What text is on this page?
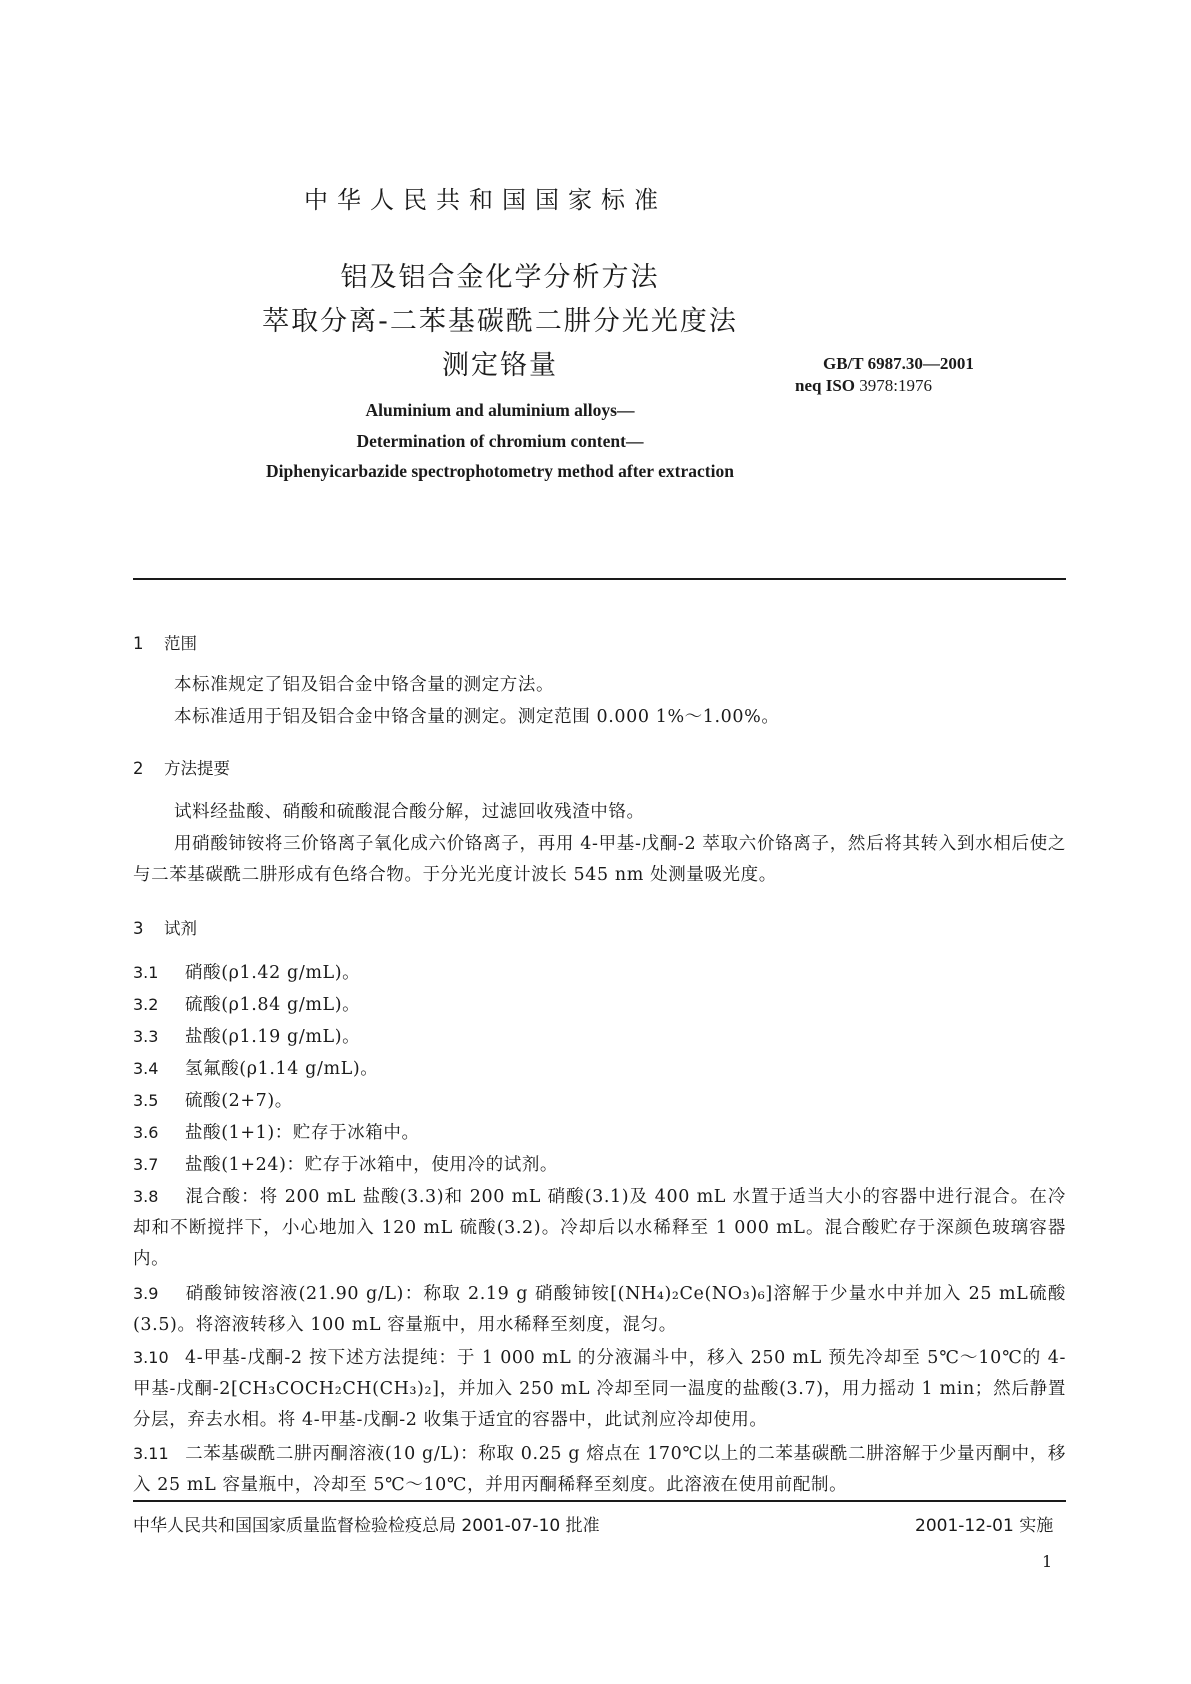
中华人民共和国国家标准
铝及铝合金化学分析方法
萃取分离-二苯基碳酰二肼分光光度法
测定铬量	GB/T 6987.30—2001
neq ISO 3978:1976
Aluminium and aluminium alloys—
Determination of chromium content—
Diphenyicarbazide spectrophotometry method after extraction
1 范围
本标准规定了铝及铝合金中铬含量的测定方法。
本标准适用于铝及铝合金中铬含量的测定。测定范围 0.000 1%～1.00%。
2 方法提要
试料经盐酸、硝酸和硫酸混合酸分解，过滤回收残渣中铬。
用硝酸铈铵将三价铬离子氧化成六价铬离子，再用 4-甲基-戊酮-2 萃取六价铬离子，然后将其转入到水相后使之与二苯基碳酰二肼形成有色络合物。于分光光度计波长 545 nm 处测量吸光度。
3 试剂
3.1 硝酸(ρ1.42 g/mL)。
3.2 硫酸(ρ1.84 g/mL)。
3.3 盐酸(ρ1.19 g/mL)。
3.4 氢氟酸(ρ1.14 g/mL)。
3.5 硫酸(2+7)。
3.6 盐酸(1+1)：贮存于冰箱中。
3.7 盐酸(1+24)：贮存于冰箱中，使用冷的试剂。
3.8 混合酸：将 200 mL 盐酸(3.3)和 200 mL 硝酸(3.1)及 400 mL 水置于适当大小的容器中进行混合。在冷却和不断搅拌下，小心地加入 120 mL 硫酸(3.2)。冷却后以水稀释至 1 000 mL。混合酸贮存于深颜色玻璃容器内。
3.9 硝酸铈铵溶液(21.90 g/L)：称取 2.19 g 硝酸铈铵[(NH₄)₂Ce(NO₃)₆]溶解于少量水中并加入 25 mL硫酸(3.5)。将溶液转移入 100 mL 容量瓶中，用水稀释至刻度，混匀。
3.10 4-甲基-戊酮-2 按下述方法提纯：于 1 000 mL 的分液漏斗中，移入 250 mL 预先冷却至 5℃～10℃的 4-甲基-戊酮-2[CH₃COCH₂CH(CH₃)₂]，并加入 250 mL 冷却至同一温度的盐酸(3.7)，用力摇动 1 min；然后静置分层，弃去水相。将 4-甲基-戊酮-2 收集于适宜的容器中，此试剂应冷却使用。
3.11 二苯基碳酰二肼丙酮溶液(10 g/L)：称取 0.25 g 熔点在 170℃以上的二苯基碳酰二肼溶解于少量丙酮中，移入 25 mL 容量瓶中，冷却至 5℃～10℃，并用丙酮稀释至刻度。此溶液在使用前配制。
中华人民共和国国家质量监督检验检疫总局 2001-07-10 批准	2001-12-01 实施
1
